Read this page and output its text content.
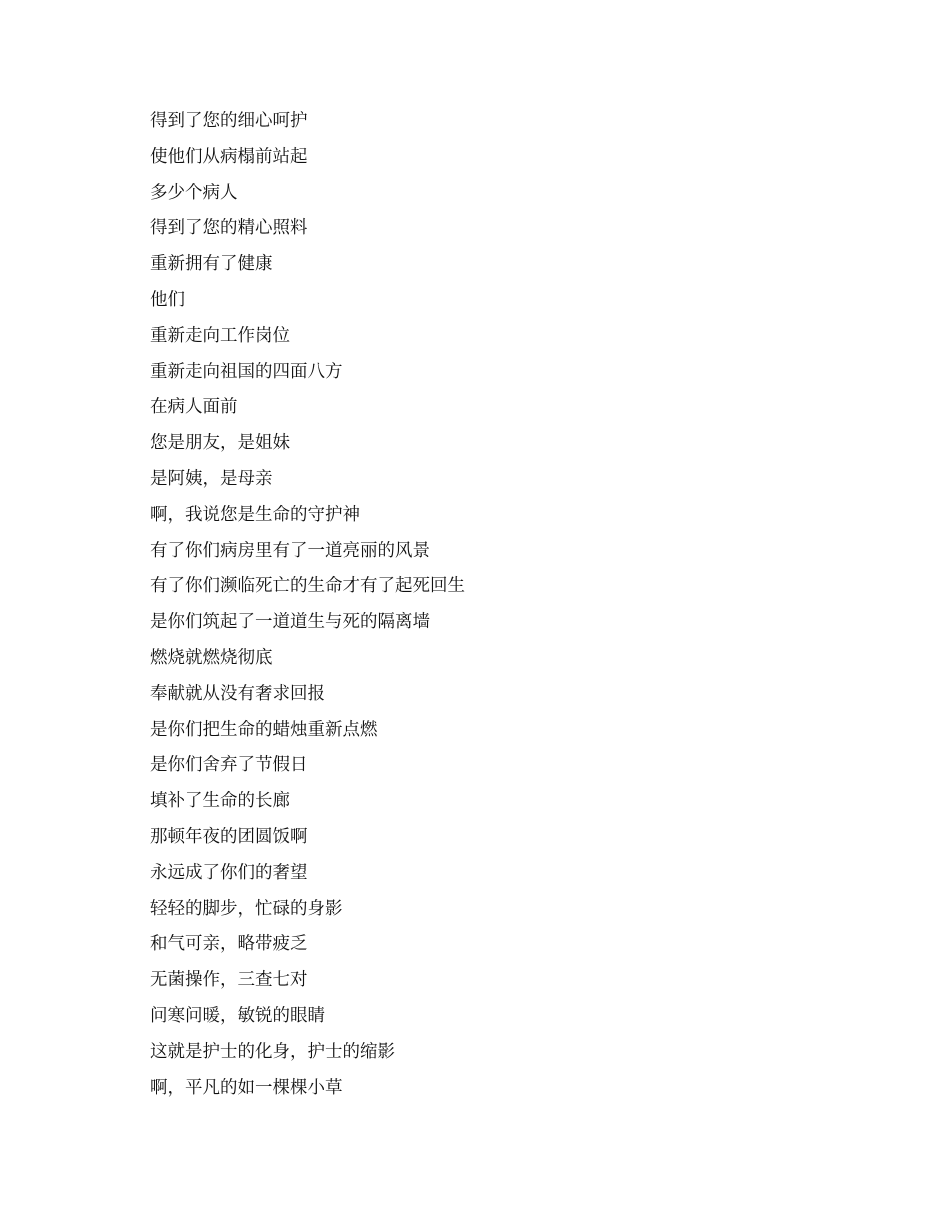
得到了您的细心呵护
使他们从病榻前站起
多少个病人
得到了您的精心照料
重新拥有了健康
他们
重新走向工作岗位
重新走向祖国的四面八方
在病人面前
您是朋友，是姐妹
是阿姨，是母亲
啊，我说您是生命的守护神
有了你们病房里有了一道亮丽的风景
有了你们濒临死亡的生命才有了起死回生
是你们筑起了一道道生与死的隔离墙
燃烧就燃烧彻底
奉献就从没有奢求回报
是你们把生命的蜡烛重新点燃
是你们舍弃了节假日
填补了生命的长廊
那顿年夜的团圆饭啊
永远成了你们的奢望
轻轻的脚步，忙碌的身影
和气可亲，略带疲乏
无菌操作，三查七对
问寒问暖，敏锐的眼睛
这就是护士的化身，护士的缩影
啊，平凡的如一棵棵小草
